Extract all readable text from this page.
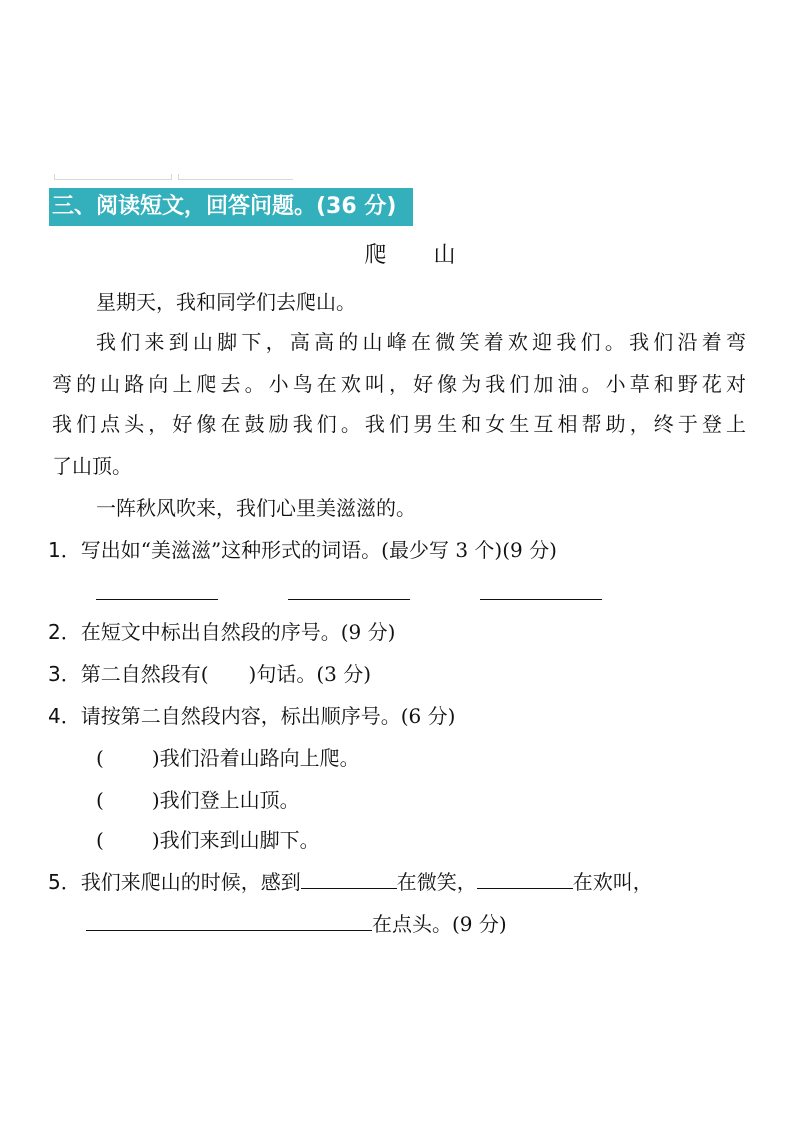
三、阅读短文，回答问题。(36 分)
爬 山
星期天，我和同学们去爬山。
我们来到山脚下，高高的山峰在微笑着欢迎我们。我们沿着弯
弯的山路向上爬去。小鸟在欢叫，好像为我们加油。小草和野花对
我们点头，好像在鼓励我们。我们男生和女生互相帮助，终于登上
了山顶。
一阵秋风吹来，我们心里美滋滋的。
1．写出如“美滋滋”这种形式的词语。(最少写 3 个)(9 分)
2．在短文中标出自然段的序号。(9 分)
3．第二自然段有( )句话。(3 分)
4．请按第二自然段内容，标出顺序号。(6 分)
( )我们沿着山路向上爬。
( )我们登上山顶。
( )我们来到山脚下。
5．我们来爬山的时候，感到	在微笑，	在欢叫，
在点头。(9 分)
